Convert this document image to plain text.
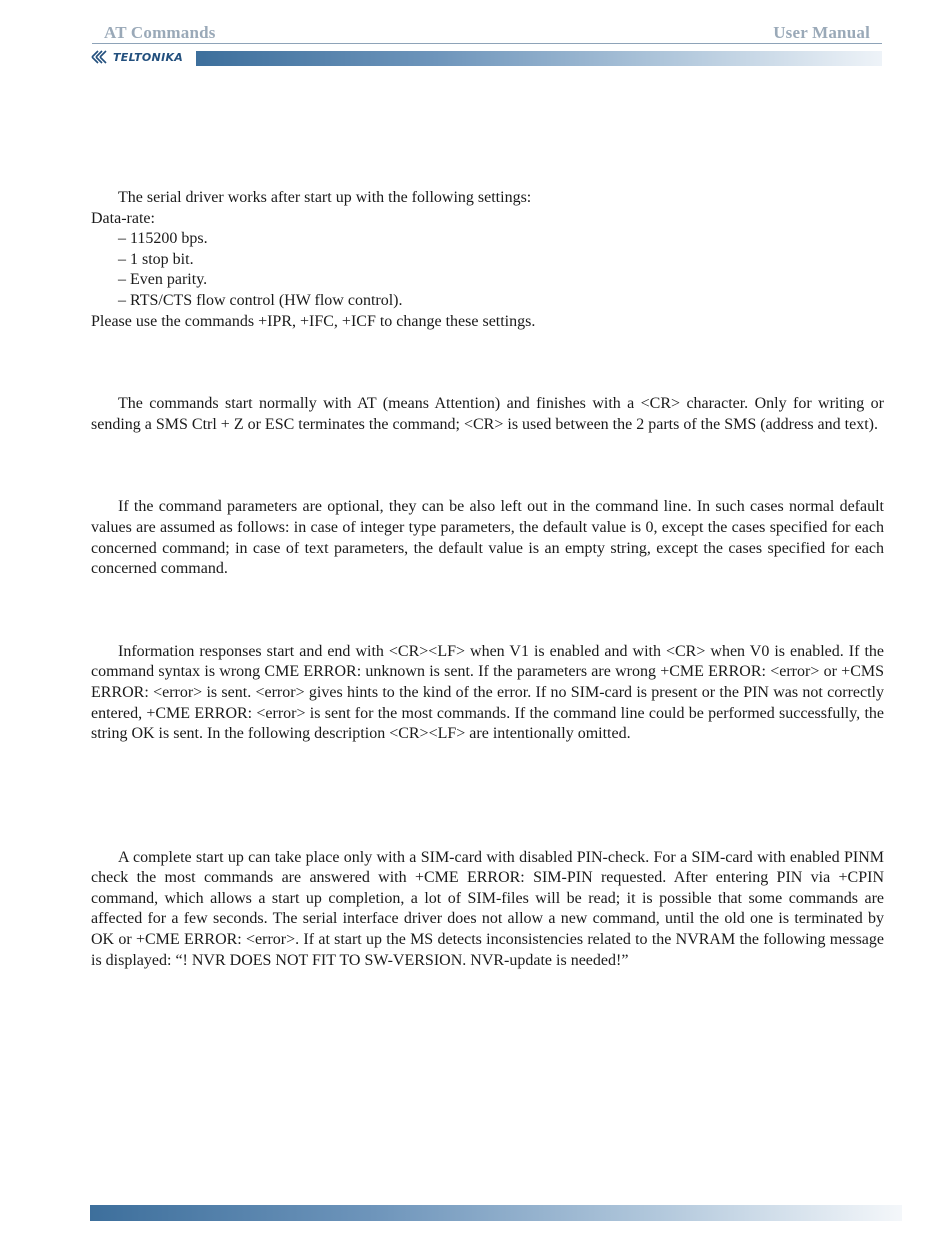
AT Commands	User Manual
TELTONIKA

The serial driver works after start up with the following settings:

Data-rate:

– 115200 bps.

– 1 stop bit.

– Even parity.

– RTS/CTS flow control (HW flow control).

Please use the commands +IPR, +IFC, +ICF to change these settings.

The commands start normally with AT (means Attention) and finishes with a <CR> character. Only for writing or sending a SMS Ctrl + Z or ESC terminates the command; <CR> is used between the 2 parts of the SMS (address and text).

If the command parameters are optional, they can be also left out in the command line. In such cases normal default values are assumed as follows: in case of integer type parameters, the default value is 0, except the cases specified for each concerned command; in case of text parameters, the default value is an empty string, except the cases specified for each concerned command.

Information responses start and end with <CR><LF> when V1 is enabled and with <CR> when V0 is enabled. If the command syntax is wrong CME ERROR: unknown is sent. If the parameters are wrong +CME ERROR: <error> or +CMS ERROR: <error> is sent. <error> gives hints to the kind of the error. If no SIM-card is present or the PIN was not correctly entered, +CME ERROR: <error> is sent for the most commands. If the command line could be performed successfully, the string OK is sent. In the following description <CR><LF> are intentionally omitted.

A complete start up can take place only with a SIM-card with disabled PIN-check. For a SIM-card with enabled PINM check the most commands are answered with +CME ERROR: SIM-PIN requested. After entering PIN via +CPIN command, which allows a start up completion, a lot of SIM-files will be read; it is possible that some commands are affected for a few seconds. The serial interface driver does not allow a new command, until the old one is terminated by OK or +CME ERROR: <error>. If at start up the MS detects inconsistencies related to the NVRAM the following message is displayed: “! NVR DOES NOT FIT TO SW-VERSION. NVR-update is needed!”
